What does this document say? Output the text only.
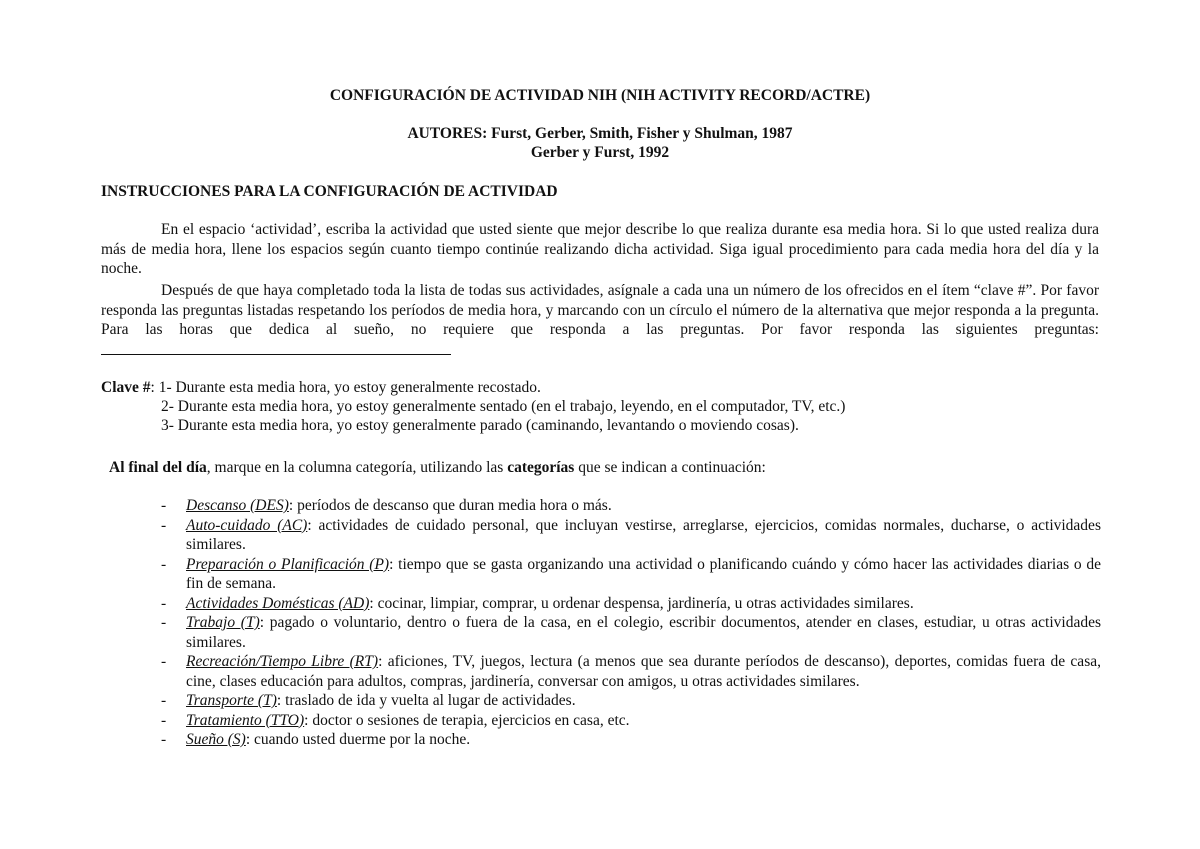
CONFIGURACIÓN DE ACTIVIDAD NIH (NIH ACTIVITY RECORD/ACTRE)
AUTORES: Furst, Gerber, Smith, Fisher y Shulman, 1987
Gerber y Furst, 1992
INSTRUCCIONES PARA LA CONFIGURACIÓN DE ACTIVIDAD

En el espacio ‘actividad’, escriba la actividad que usted siente que mejor describe lo que realiza durante esa media hora. Si lo que usted realiza dura más de media hora, llene los espacios según cuanto tiempo continúe realizando dicha actividad. Siga igual procedimiento para cada media hora del día y la noche.

Después de que haya completado toda la lista de todas sus actividades, asígnale a cada una un número de los ofrecidos en el ítem “clave #”. Por favor responda las preguntas listadas respetando los períodos de media hora, y marcando con un círculo el número de la alternativa que mejor responda a la pregunta. Para las horas que dedica al sueño, no requiere que responda a las preguntas. Por favor responda las siguientes preguntas:

Clave #: 1- Durante esta media hora, yo estoy generalmente recostado.

2- Durante esta media hora, yo estoy generalmente sentado (en el trabajo, leyendo, en el computador, TV, etc.)

3- Durante esta media hora, yo estoy generalmente parado (caminando, levantando o moviendo cosas).

Al final del día, marque en la columna categoría, utilizando las categorías que se indican a continuación:

- Descanso (DES): períodos de descanso que duran media hora o más.
- Auto-cuidado (AC): actividades de cuidado personal, que incluyan vestirse, arreglarse, ejercicios, comidas normales, ducharse, o actividades similares.
- Preparación o Planificación (P): tiempo que se gasta organizando una actividad o planificando cuándo y cómo hacer las actividades diarias o de fin de semana.
- Actividades Domésticas (AD): cocinar, limpiar, comprar, u ordenar despensa, jardinería, u otras actividades similares.
- Trabajo (T): pagado o voluntario, dentro o fuera de la casa, en el colegio, escribir documentos, atender en clases, estudiar, u otras actividades similares.
- Recreación/Tiempo Libre (RT): aficiones, TV, juegos, lectura (a menos que sea durante períodos de descanso), deportes, comidas fuera de casa, cine, clases educación para adultos, compras, jardinería, conversar con amigos, u otras actividades similares.
- Transporte (T): traslado de ida y vuelta al lugar de actividades.
- Tratamiento (TTO): doctor o sesiones de terapia, ejercicios en casa, etc.
- Sueño (S): cuando usted duerme por la noche.
